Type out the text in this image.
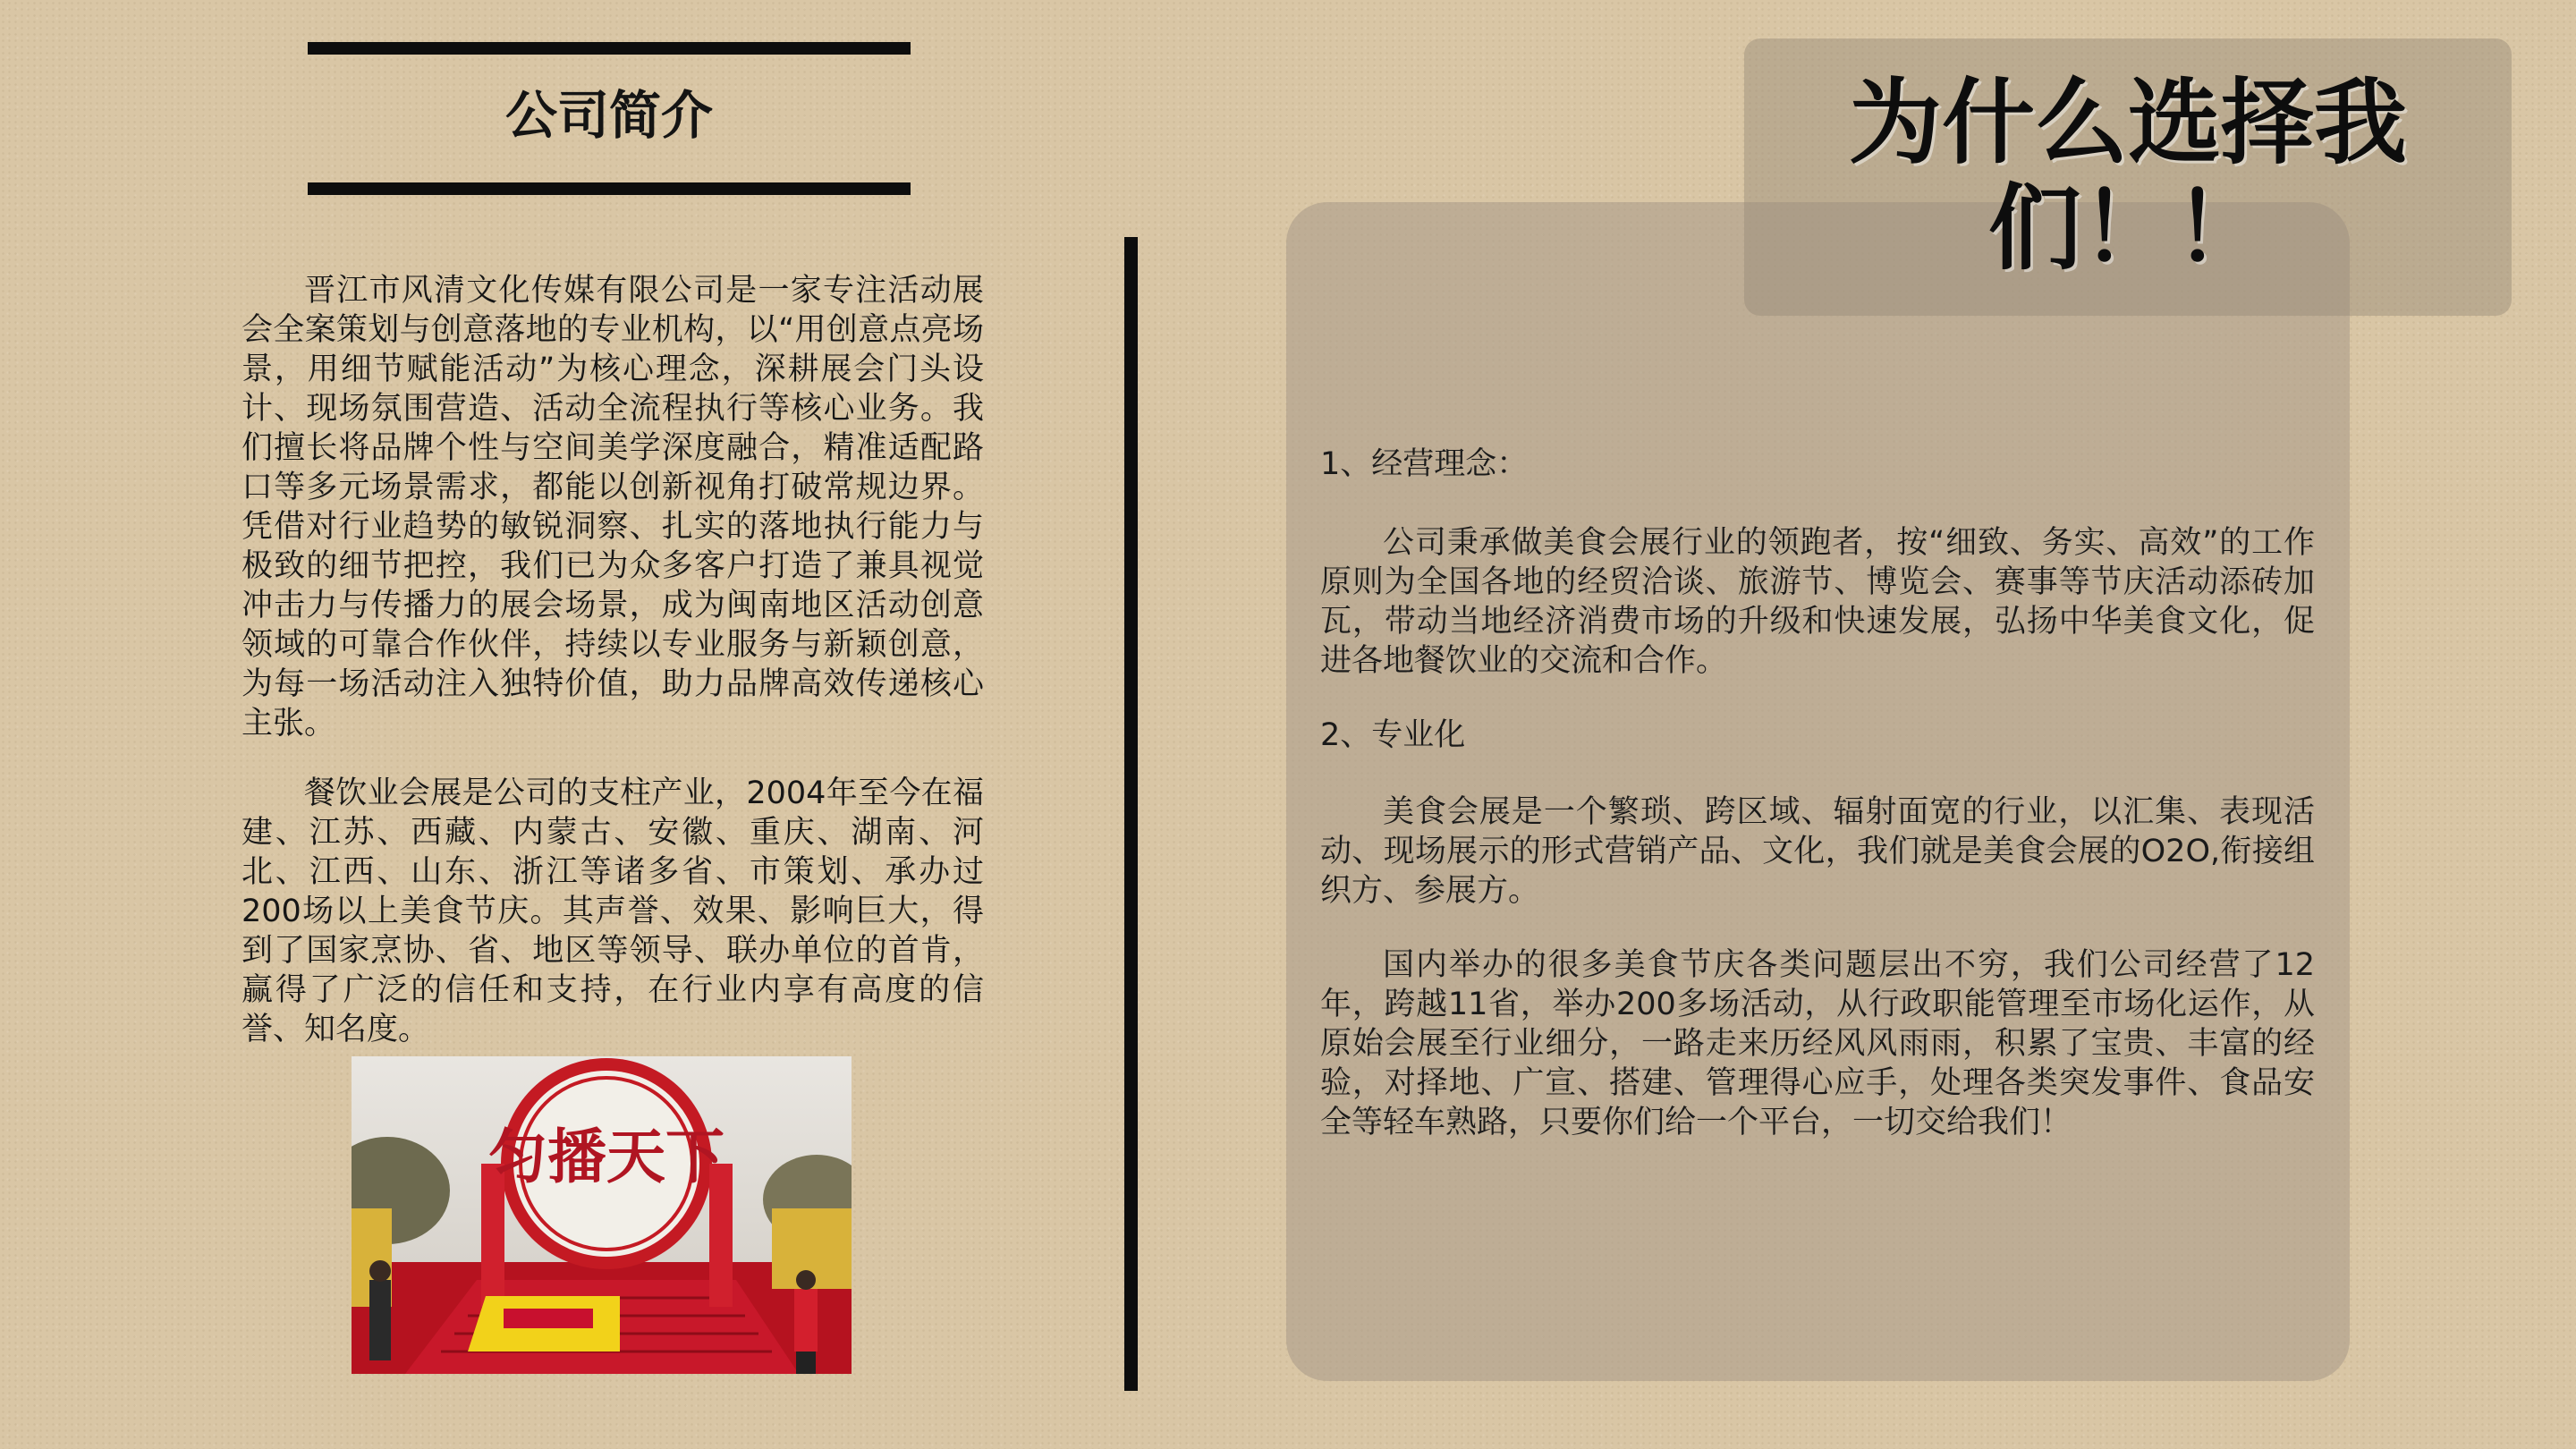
公司简介

晋江市风清文化传媒有限公司是一家专注活动展会全案策划与创意落地的专业机构，以“用创意点亮场景，用细节赋能活动”为核心理念，深耕展会门头设计、现场氛围营造、活动全流程执行等核心业务。我们擅长将品牌个性与空间美学深度融合，精准适配路口等多元场景需求，都能以创新视角打破常规边界。凭借对行业趋势的敏锐洞察、扎实的落地执行能力与极致的细节把控，我们已为众多客户打造了兼具视觉冲击力与传播力的展会场景，成为闽南地区活动创意领域的可靠合作伙伴，持续以专业服务与新颖创意，为每一场活动注入独特价值，助力品牌高效传递核心主张。

餐饮业会展是公司的支柱产业，2004年至今在福建、江苏、西藏、内蒙古、安徽、重庆、湖南、河北、江西、山东、浙江等诸多省、市策划、承办过200场以上美食节庆。其声誉、效果、影响巨大，得到了国家烹协、省、地区等领导、联办单位的首肯，赢得了广泛的信任和支持，在行业内享有高度的信誉、知名度。

匀播天下
为什么选择我们！！

1、经营理念：

公司秉承做美食会展行业的领跑者，按“细致、务实、高效”的工作原则为全国各地的经贸洽谈、旅游节、博览会、赛事等节庆活动添砖加瓦，带动当地经济消费市场的升级和快速发展，弘扬中华美食文化，促进各地餐饮业的交流和合作。

2、专业化

美食会展是一个繁琐、跨区域、辐射面宽的行业，以汇集、表现活动、现场展示的形式营销产品、文化，我们就是美食会展的O2O,衔接组织方、参展方。

国内举办的很多美食节庆各类问题层出不穷，我们公司经营了12年，跨越11省，举办200多场活动，从行政职能管理至市场化运作，从原始会展至行业细分，一路走来历经风风雨雨，积累了宝贵、丰富的经验，对择地、广宣、搭建、管理得心应手，处理各类突发事件、食品安全等轻车熟路，只要你们给一个平台，一切交给我们！
